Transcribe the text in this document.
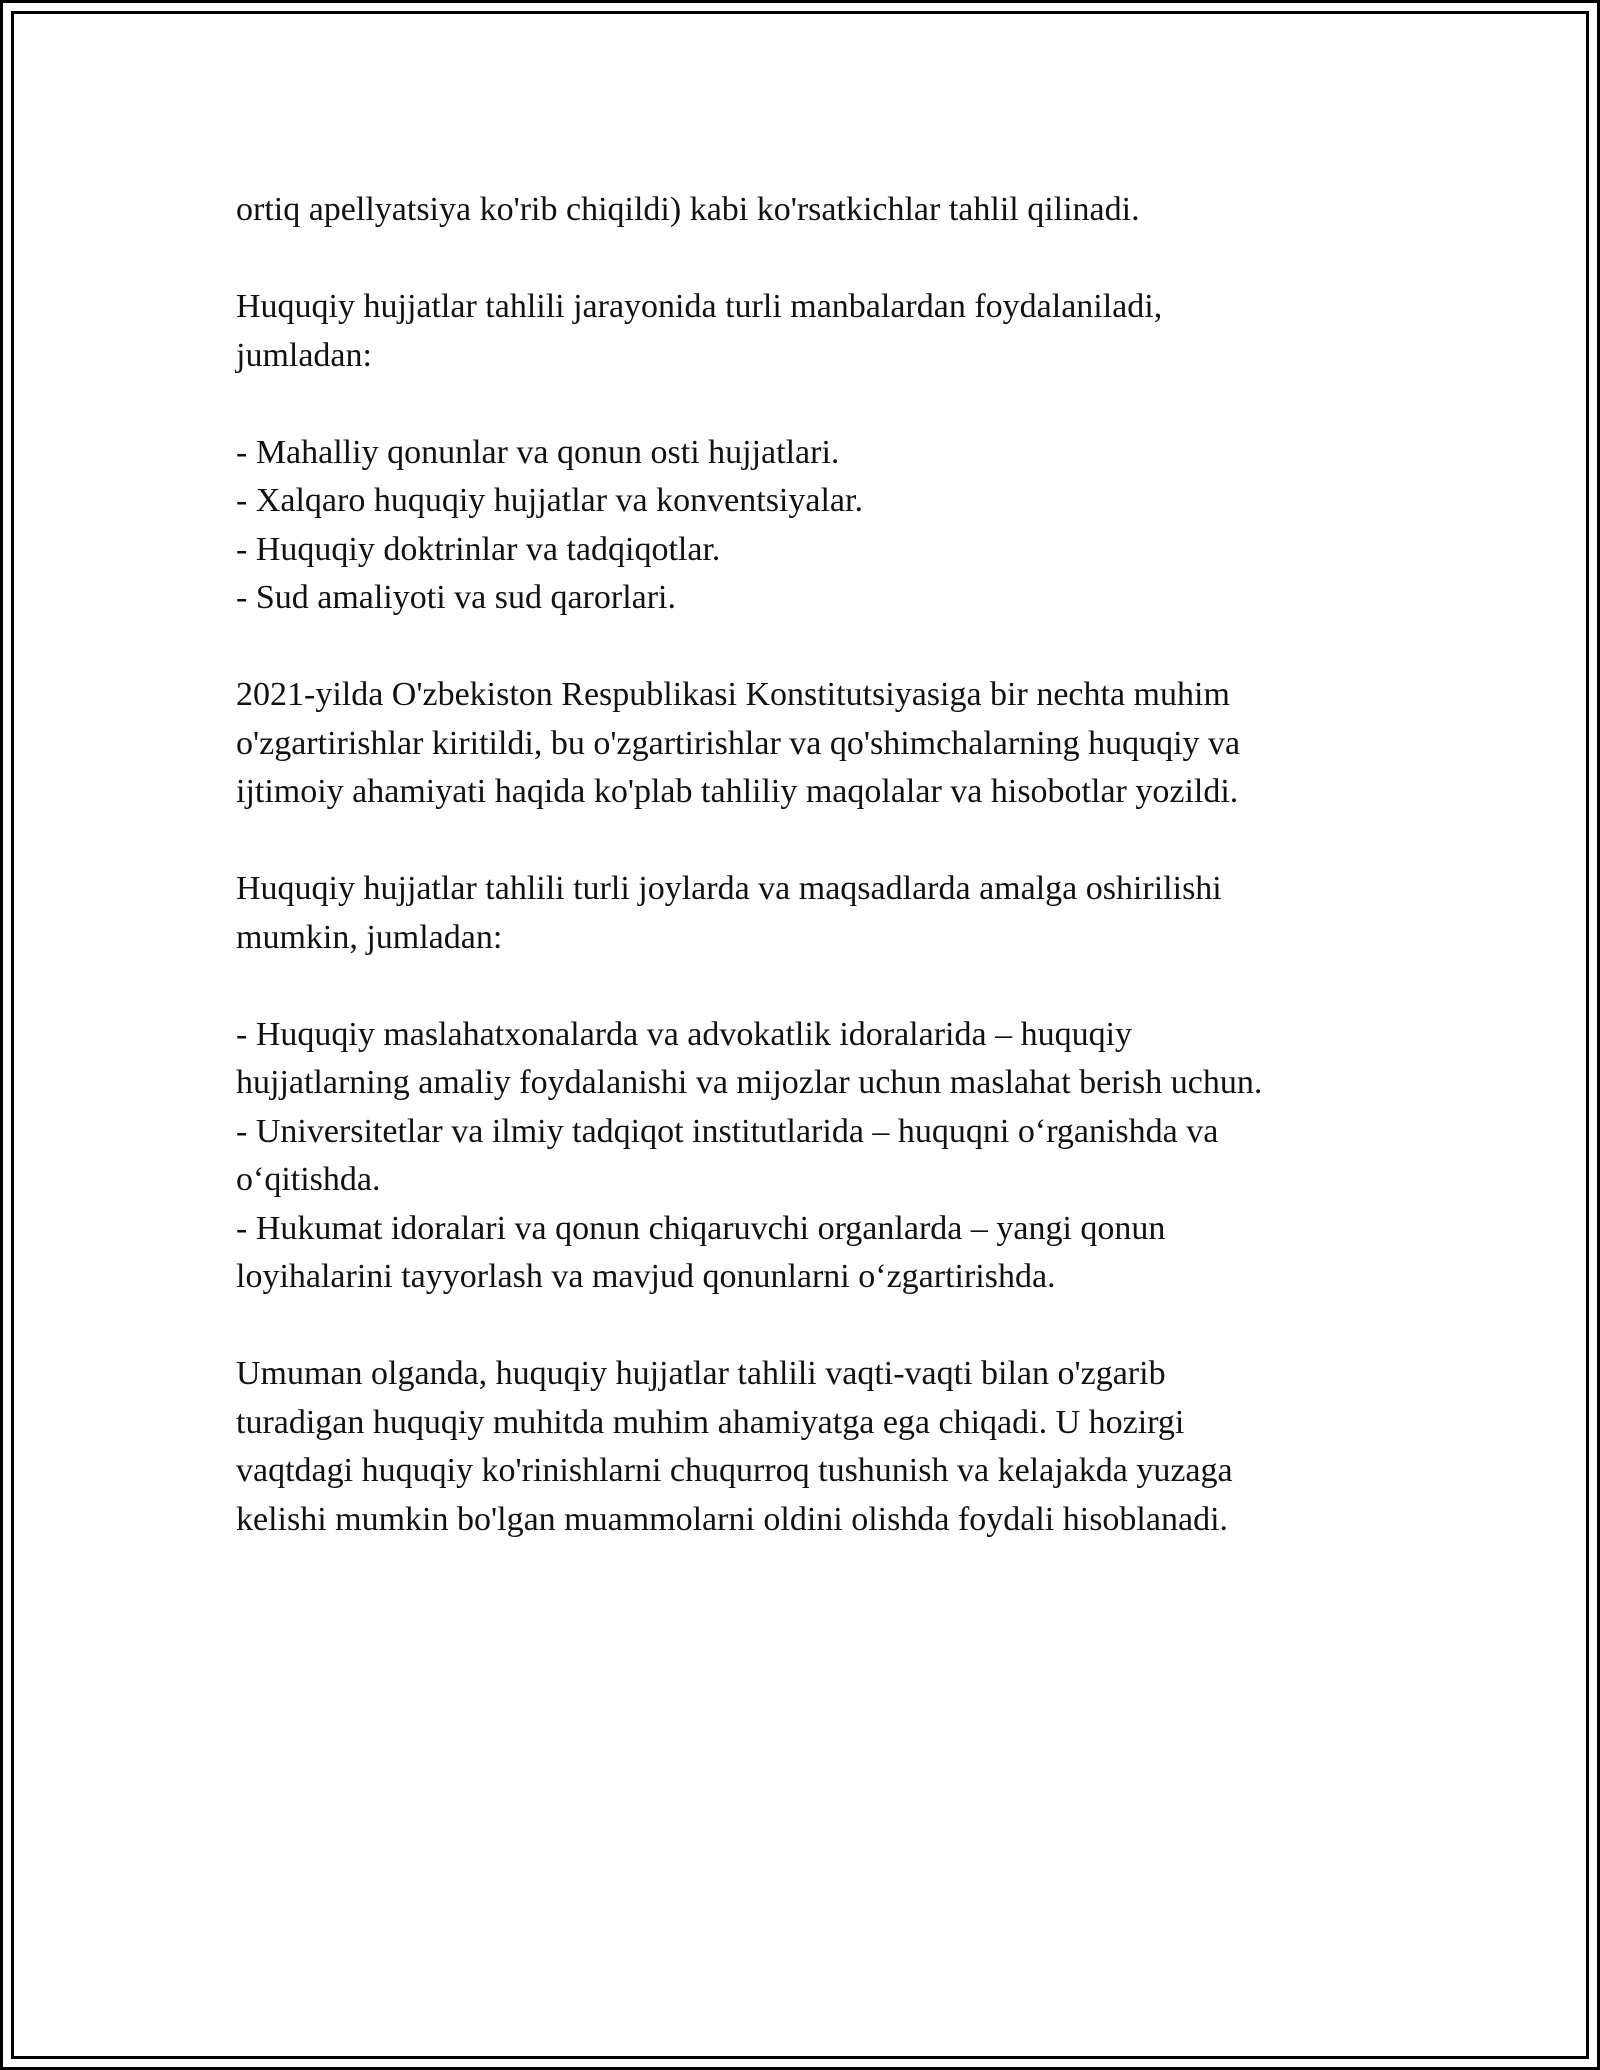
ortiq apellyatsiya ko'rib chiqildi) kabi ko'rsatkichlar tahlil qilinadi.

Huquqiy hujjatlar tahlili jarayonida turli manbalardan foydalaniladi,
jumladan:

- Mahalliy qonunlar va qonun osti hujjatlari.
- Xalqaro huquqiy hujjatlar va konventsiyalar.
- Huquqiy doktrinlar va tadqiqotlar.
- Sud amaliyoti va sud qarorlari.

2021-yilda O'zbekiston Respublikasi Konstitutsiyasiga bir nechta muhim
o'zgartirishlar kiritildi, bu o'zgartirishlar va qo'shimchalarning huquqiy va
ijtimoiy ahamiyati haqida ko'plab tahliliy maqolalar va hisobotlar yozildi.

Huquqiy hujjatlar tahlili turli joylarda va maqsadlarda amalga oshirilishi
mumkin, jumladan:

- Huquqiy maslahatxonalarda va advokatlik idoralarida – huquqiy
hujjatlarning amaliy foydalanishi va mijozlar uchun maslahat berish uchun.
- Universitetlar va ilmiy tadqiqot institutlarida – huquqni o‘rganishda va
o‘qitishda.
- Hukumat idoralari va qonun chiqaruvchi organlarda – yangi qonun
loyihalarini tayyorlash va mavjud qonunlarni o‘zgartirishda.

Umuman olganda, huquqiy hujjatlar tahlili vaqti-vaqti bilan o'zgarib
turadigan huquqiy muhitda muhim ahamiyatga ega chiqadi. U hozirgi
vaqtdagi huquqiy ko'rinishlarni chuqurroq tushunish va kelajakda yuzaga
kelishi mumkin bo'lgan muammolarni oldini olishda foydali hisoblanadi.
